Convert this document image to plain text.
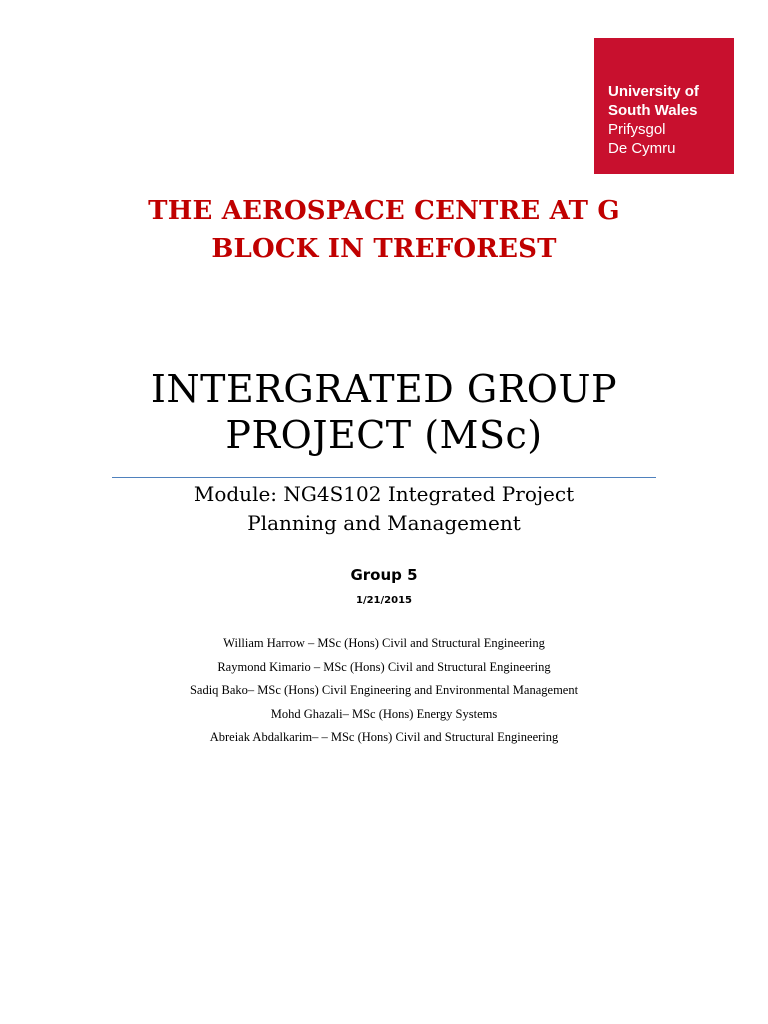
University of
South Wales
Prifysgol
De Cymru
THE AEROSPACE CENTRE AT G
BLOCK IN TREFOREST
INTERGRATED GROUP
PROJECT (MSc)
Module: NG4S102 Integrated Project
Planning and Management
Group 5
1/21/2015
William Harrow – MSc (Hons) Civil and Structural Engineering
Raymond Kimario – MSc (Hons) Civil and Structural Engineering
Sadiq Bako– MSc (Hons) Civil Engineering and Environmental Management
Mohd Ghazali– MSc (Hons) Energy Systems
Abreiak Abdalkarim– – MSc (Hons) Civil and Structural Engineering
